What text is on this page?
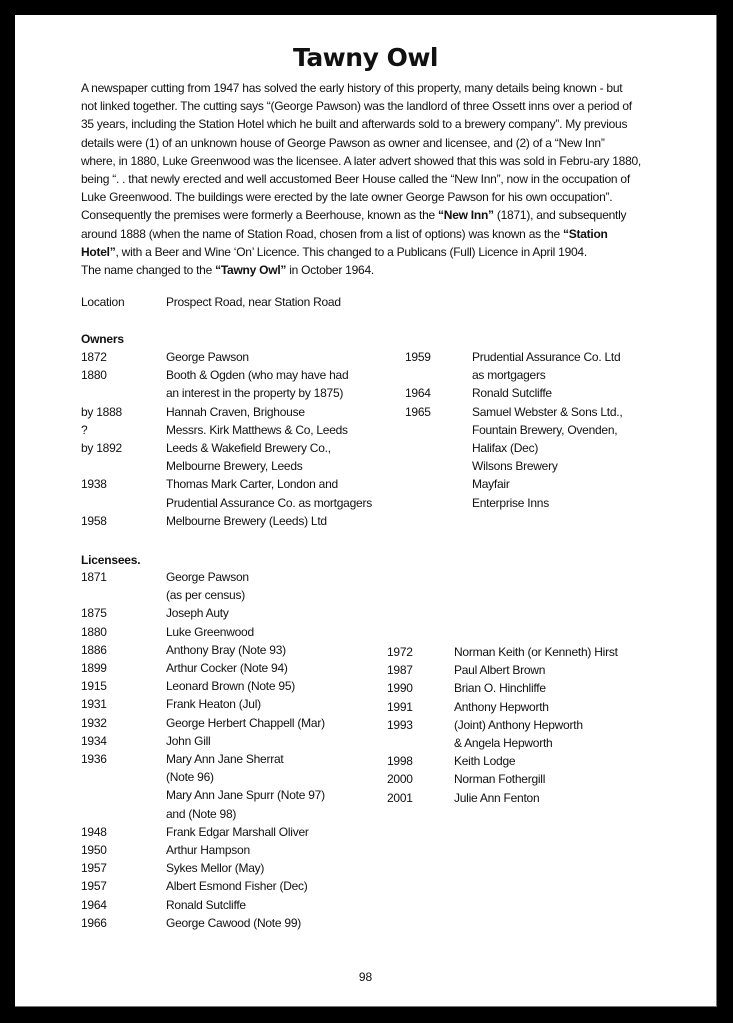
Tawny Owl

A newspaper cutting from 1947 has solved the early history of this property, many details being known - but not linked together. The cutting says “(George Pawson) was the landlord of three Ossett inns over a period of 35 years, including the Station Hotel which he built and afterwards sold to a brewery company”. My previous details were (1) of an unknown house of George Pawson as owner and licensee, and (2) of a “New Inn” where, in 1880, Luke Greenwood was the licensee. A later advert showed that this was sold in Febru-ary 1880, being “. . that newly erected and well accustomed Beer House called the “New Inn”, now in the occupation of Luke Greenwood. The buildings were erected by the late owner George Pawson for his own occupation”.

Consequently the premises were formerly a Beerhouse, known as the “New Inn” (1871), and subsequently around 1888 (when the name of Station Road, chosen from a list of options) was known as the “Station Hotel”, with a Beer and Wine ‘On’ Licence. This changed to a Publicans (Full) Licence in April 1904.

The name changed to the “Tawny Owl” in October 1964.

Location	Prospect Road, near Station Road
Owners
1872	George Pawson
1880	Booth & Ogden (who may have had
an interest in the property by 1875)
by 1888	Hannah Craven, Brighouse
?	Messrs. Kirk Matthews & Co, Leeds
by 1892	Leeds & Wakefield Brewery Co.,
Melbourne Brewery, Leeds
1938	Thomas Mark Carter, London and
Prudential Assurance Co. as mortgagers
1958	Melbourne Brewery (Leeds) Ltd
1959	Prudential Assurance Co. Ltd
as mortgagers
1964	Ronald Sutcliffe
1965	Samuel Webster & Sons Ltd.,
Fountain Brewery, Ovenden,
Halifax (Dec)
Wilsons Brewery
Mayfair
Enterprise Inns
Licensees.
1871	George Pawson
(as per census)
1875	Joseph Auty
1880	Luke Greenwood
1886	Anthony Bray (Note 93)
1899	Arthur Cocker (Note 94)
1915	Leonard Brown (Note 95)
1931	Frank Heaton (Jul)
1932	George Herbert Chappell (Mar)
1934	John Gill
1936	Mary Ann Jane Sherrat
(Note 96)
Mary Ann Jane Spurr (Note 97)
and (Note 98)
1948	Frank Edgar Marshall Oliver
1950	Arthur Hampson
1957	Sykes Mellor (May)
1957	Albert Esmond Fisher (Dec)
1964	Ronald Sutcliffe
1966	George Cawood (Note 99)
1972	Norman Keith (or Kenneth) Hirst
1987	Paul Albert Brown
1990	Brian O. Hinchliffe
1991	Anthony Hepworth
1993	(Joint) Anthony Hepworth
& Angela Hepworth
1998	Keith Lodge
2000	Norman Fothergill
2001	Julie Ann Fenton
98
